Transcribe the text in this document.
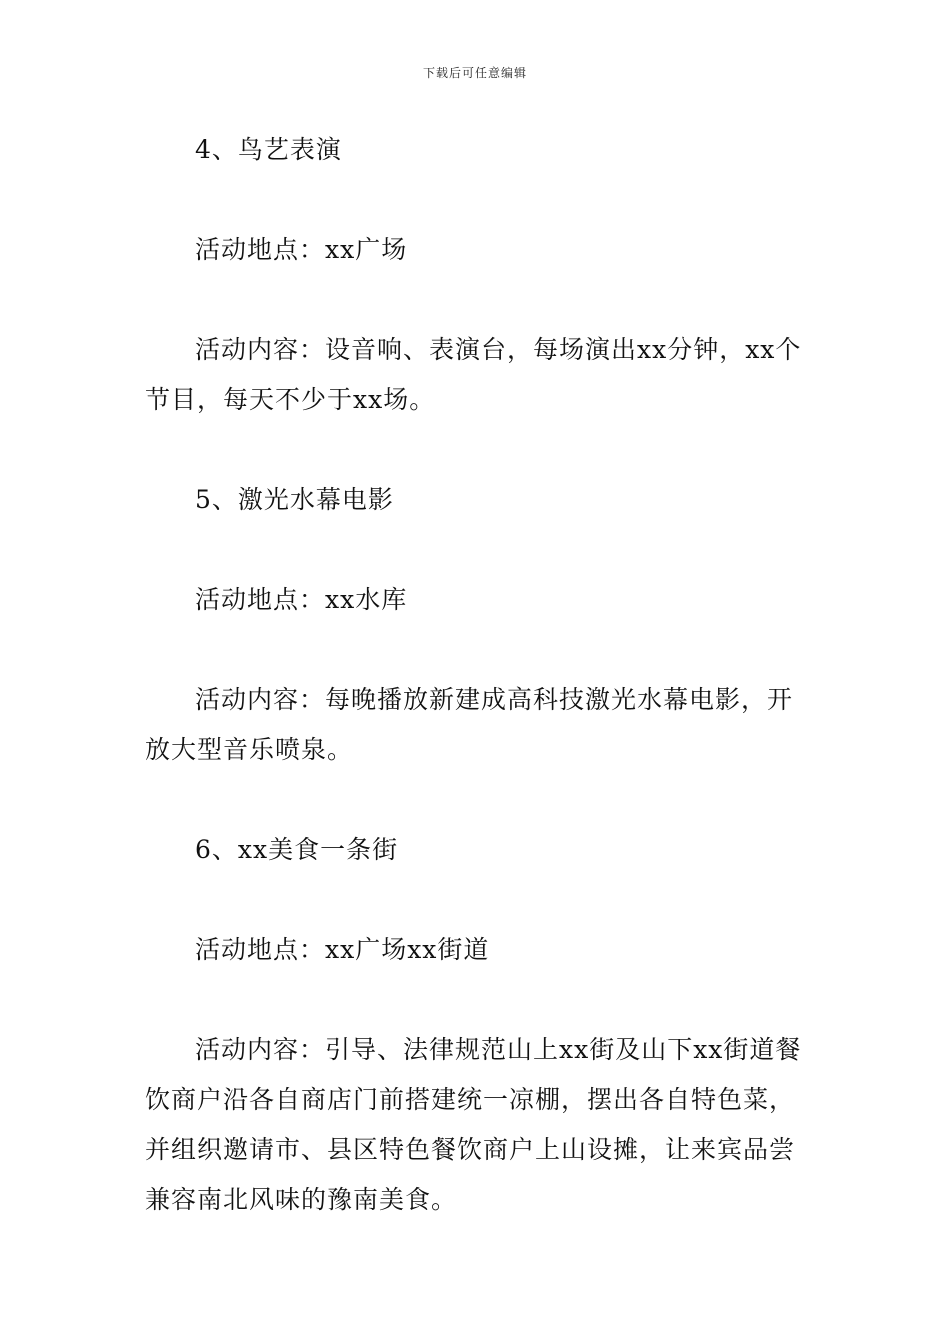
下载后可任意编辑

4、鸟艺表演

活动地点：xx广场

活动内容：设音响、表演台，每场演出xx分钟，xx个节目，每天不少于xx场。

5、激光水幕电影

活动地点：xx水库

活动内容：每晚播放新建成高科技激光水幕电影，开放大型音乐喷泉。

6、xx美食一条街

活动地点：xx广场xx街道

活动内容：引导、法律规范山上xx街及山下xx街道餐饮商户沿各自商店门前搭建统一凉棚，摆出各自特色菜，并组织邀请市、县区特色餐饮商户上山设摊，让来宾品尝兼容南北风味的豫南美食。
